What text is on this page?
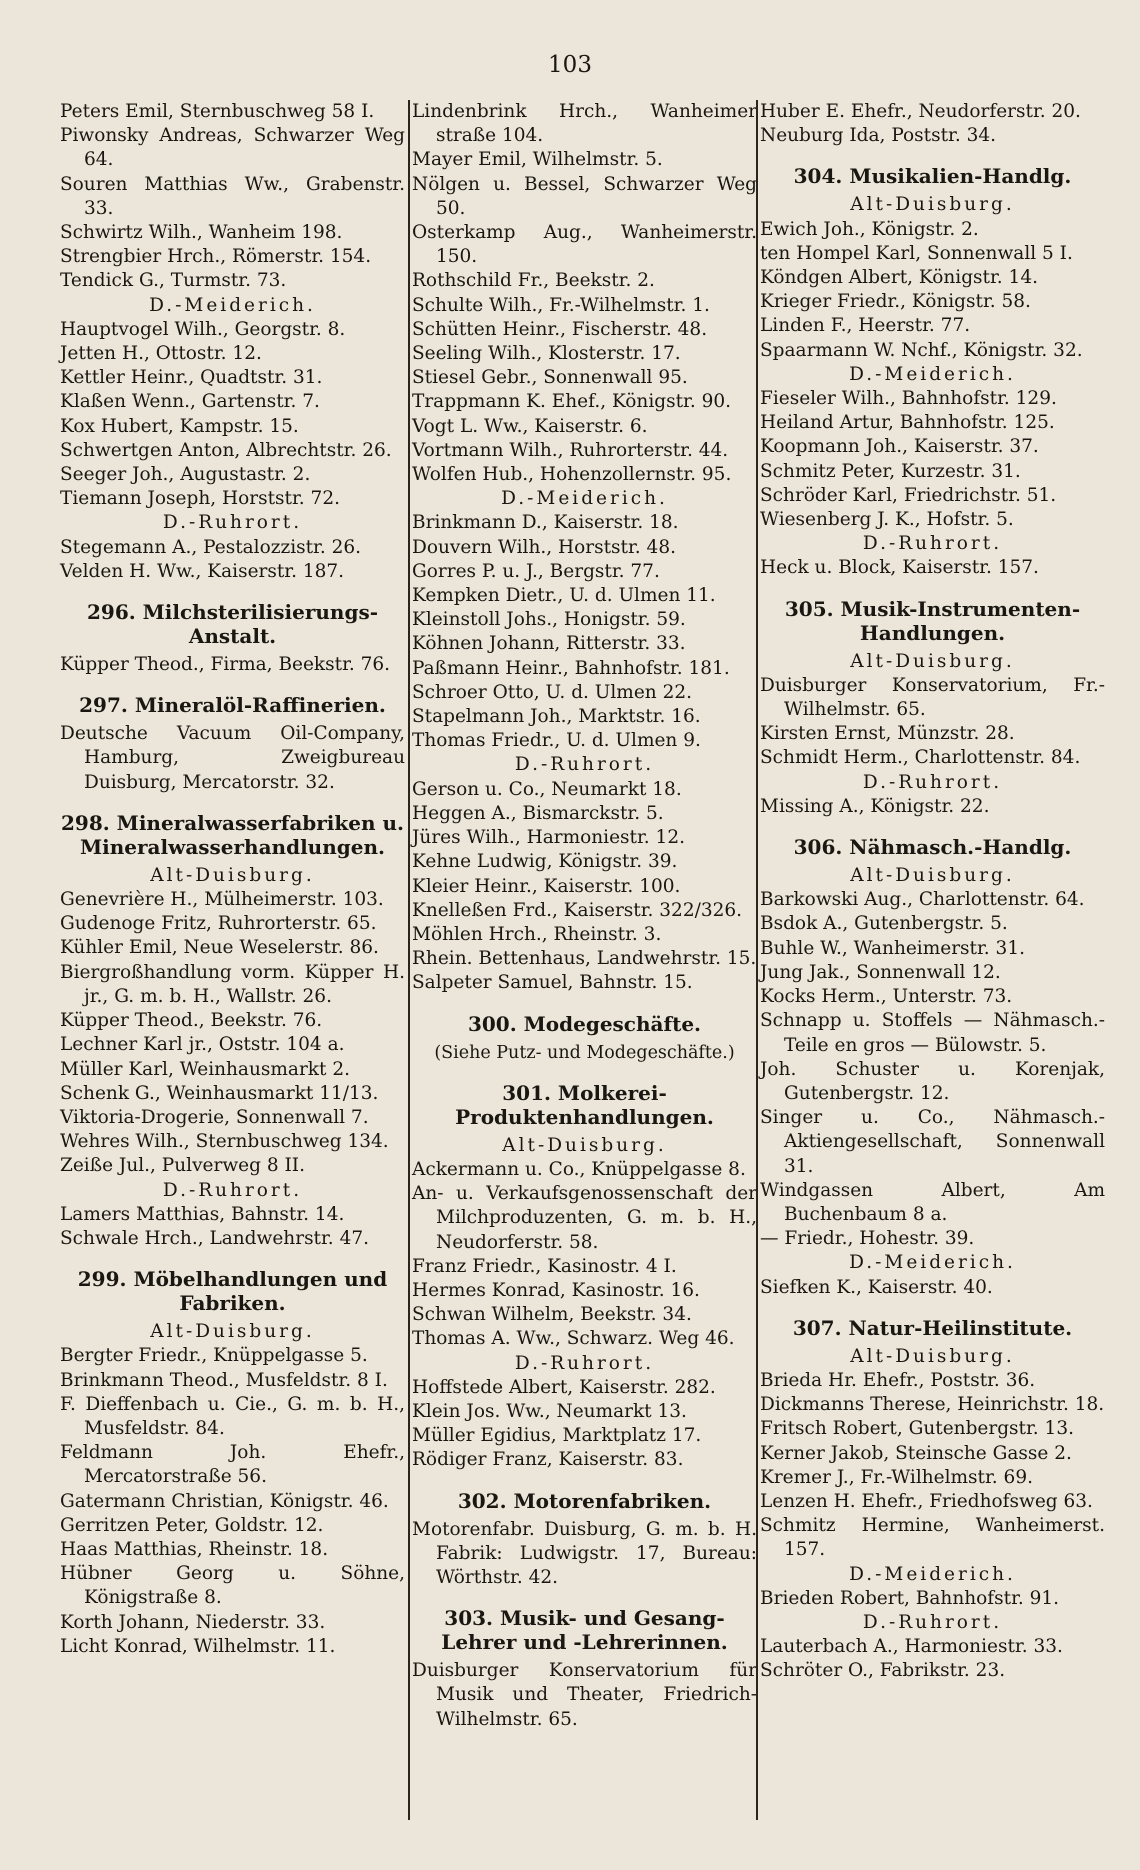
103
Peters Emil, Sternbuschweg 58 I.
Piwonsky Andreas, Schwarzer Weg 64.
Souren Matthias Ww., Grabenstr. 33.
Schwirtz Wilh., Wanheim 198.
Strengbier Hrch., Römerstr. 154.
Tendick G., Turmstr. 73.
D.-Meiderich.
Hauptvogel Wilh., Georgstr. 8.
Jetten H., Ottostr. 12.
Kettler Heinr., Quadtstr. 31.
Klaßen Wenn., Gartenstr. 7.
Kox Hubert, Kampstr. 15.
Schwertgen Anton, Albrechtstr. 26.
Seeger Joh., Augustastr. 2.
Tiemann Joseph, Horststr. 72.
D.-Ruhrort.
Stegemann A., Pestalozzistr. 26.
Velden H. Ww., Kaiserstr. 187.
296. Milchsterilisierungs-Anstalt.
Küpper Theod., Firma, Beekstr. 76.
297. Mineralöl-Raffinerien.
Deutsche Vacuum Oil-Company, Hamburg, Zweigbureau Duisburg, Mercatorstr. 32.
298. Mineralwasserfabriken u. Mineralwasserhandlungen.
Alt-Duisburg.
Genevrière H., Mülheimerstr. 103.
Gudenoge Fritz, Ruhrorterstr. 65.
Kühler Emil, Neue Weselerstr. 86.
Biergroßhandlung vorm. Küpper H. jr., G. m. b. H., Wallstr. 26.
Küpper Theod., Beekstr. 76.
Lechner Karl jr., Oststr. 104 a.
Müller Karl, Weinhausmarkt 2.
Schenk G., Weinhausmarkt 11/13.
Viktoria-Drogerie, Sonnenwall 7.
Wehres Wilh., Sternbuschweg 134.
Zeiße Jul., Pulverweg 8 II.
D.-Ruhrort.
Lamers Matthias, Bahnstr. 14.
Schwale Hrch., Landwehrstr. 47.
299. Möbelhandlungen und Fabriken.
Alt-Duisburg.
Bergter Friedr., Knüppelgasse 5.
Brinkmann Theod., Musfeldstr. 8 I.
F. Dieffenbach u. Cie., G. m. b. H., Musfeldstr. 84.
Feldmann Joh. Ehefr., Mercatorstraße 56.
Gatermann Christian, Königstr. 46.
Gerritzen Peter, Goldstr. 12.
Haas Matthias, Rheinstr. 18.
Hübner Georg u. Söhne, Königstraße 8.
Korth Johann, Niederstr. 33.
Licht Konrad, Wilhelmstr. 11.
Lindenbrink Hrch., Wanheimer straße 104.
Mayer Emil, Wilhelmstr. 5.
Nölgen u. Bessel, Schwarzer Weg 50.
Osterkamp Aug., Wanheimerstr. 150.
Rothschild Fr., Beekstr. 2.
Schulte Wilh., Fr.-Wilhelmstr. 1.
Schütten Heinr., Fischerstr. 48.
Seeling Wilh., Klosterstr. 17.
Stiesel Gebr., Sonnenwall 95.
Trappmann K. Ehef., Königstr. 90.
Vogt L. Ww., Kaiserstr. 6.
Vortmann Wilh., Ruhrorterstr. 44.
Wolfen Hub., Hohenzollernstr. 95.
D.-Meiderich.
Brinkmann D., Kaiserstr. 18.
Douvern Wilh., Horststr. 48.
Gorres P. u. J., Bergstr. 77.
Kempken Dietr., U. d. Ulmen 11.
Kleinstoll Johs., Honigstr. 59.
Köhnen Johann, Ritterstr. 33.
Paßmann Heinr., Bahnhofstr. 181.
Schroer Otto, U. d. Ulmen 22.
Stapelmann Joh., Marktstr. 16.
Thomas Friedr., U. d. Ulmen 9.
D.-Ruhrort.
Gerson u. Co., Neumarkt 18.
Heggen A., Bismarckstr. 5.
Jüres Wilh., Harmoniestr. 12.
Kehne Ludwig, Königstr. 39.
Kleier Heinr., Kaiserstr. 100.
Knelleßen Frd., Kaiserstr. 322/326.
Möhlen Hrch., Rheinstr. 3.
Rhein. Bettenhaus, Landwehrstr. 15.
Salpeter Samuel, Bahnstr. 15.
300. Modegeschäfte.
(Siehe Putz- und Modegeschäfte.)
301. Molkerei-Produktenhandlungen.
Alt-Duisburg.
Ackermann u. Co., Knüppelgasse 8.
An- u. Verkaufsgenossenschaft der Milchproduzenten, G. m. b. H., Neudorferstr. 58.
Franz Friedr., Kasinostr. 4 I.
Hermes Konrad, Kasinostr. 16.
Schwan Wilhelm, Beekstr. 34.
Thomas A. Ww., Schwarz. Weg 46.
D.-Ruhrort.
Hoffstede Albert, Kaiserstr. 282.
Klein Jos. Ww., Neumarkt 13.
Müller Egidius, Marktplatz 17.
Rödiger Franz, Kaiserstr. 83.
302. Motorenfabriken.
Motorenfabr. Duisburg, G. m. b. H. Fabrik: Ludwigstr. 17, Bureau: Wörthstr. 42.
303. Musik- und Gesang-Lehrer und -Lehrerinnen.
Duisburger Konservatorium für Musik und Theater, Friedrich-Wilhelmstr. 65.
Huber E. Ehefr., Neudorferstr. 20.
Neuburg Ida, Poststr. 34.
304. Musikalien-Handlg.
Alt-Duisburg.
Ewich Joh., Königstr. 2.
ten Hompel Karl, Sonnenwall 5 I.
Köndgen Albert, Königstr. 14.
Krieger Friedr., Königstr. 58.
Linden F., Heerstr. 77.
Spaarmann W. Nchf., Königstr. 32.
D.-Meiderich.
Fieseler Wilh., Bahnhofstr. 129.
Heiland Artur, Bahnhofstr. 125.
Koopmann Joh., Kaiserstr. 37.
Schmitz Peter, Kurzestr. 31.
Schröder Karl, Friedrichstr. 51.
Wiesenberg J. K., Hofstr. 5.
D.-Ruhrort.
Heck u. Block, Kaiserstr. 157.
305. Musik-Instrumenten-Handlungen.
Alt-Duisburg.
Duisburger Konservatorium, Fr.-Wilhelmstr. 65.
Kirsten Ernst, Münzstr. 28.
Schmidt Herm., Charlottenstr. 84.
D.-Ruhrort.
Missing A., Königstr. 22.
306. Nähmasch.-Handlg.
Alt-Duisburg.
Barkowski Aug., Charlottenstr. 64.
Bsdok A., Gutenbergstr. 5.
Buhle W., Wanheimerstr. 31.
Jung Jak., Sonnenwall 12.
Kocks Herm., Unterstr. 73.
Schnapp u. Stoffels — Nähmasch.-Teile en gros — Bülowstr. 5.
Joh. Schuster u. Korenjak, Gutenbergstr. 12.
Singer u. Co., Nähmasch.-Aktiengesellschaft, Sonnenwall 31.
Windgassen Albert, Am Buchenbaum 8 a.
— Friedr., Hohestr. 39.
D.-Meiderich.
Siefken K., Kaiserstr. 40.
307. Natur-Heilinstitute.
Alt-Duisburg.
Brieda Hr. Ehefr., Poststr. 36.
Dickmanns Therese, Heinrichstr. 18.
Fritsch Robert, Gutenbergstr. 13.
Kerner Jakob, Steinsche Gasse 2.
Kremer J., Fr.-Wilhelmstr. 69.
Lenzen H. Ehefr., Friedhofsweg 63.
Schmitz Hermine, Wanheimerst. 157.
D.-Meiderich.
Brieden Robert, Bahnhofstr. 91.
D.-Ruhrort.
Lauterbach A., Harmoniestr. 33.
Schröter O., Fabrikstr. 23.
